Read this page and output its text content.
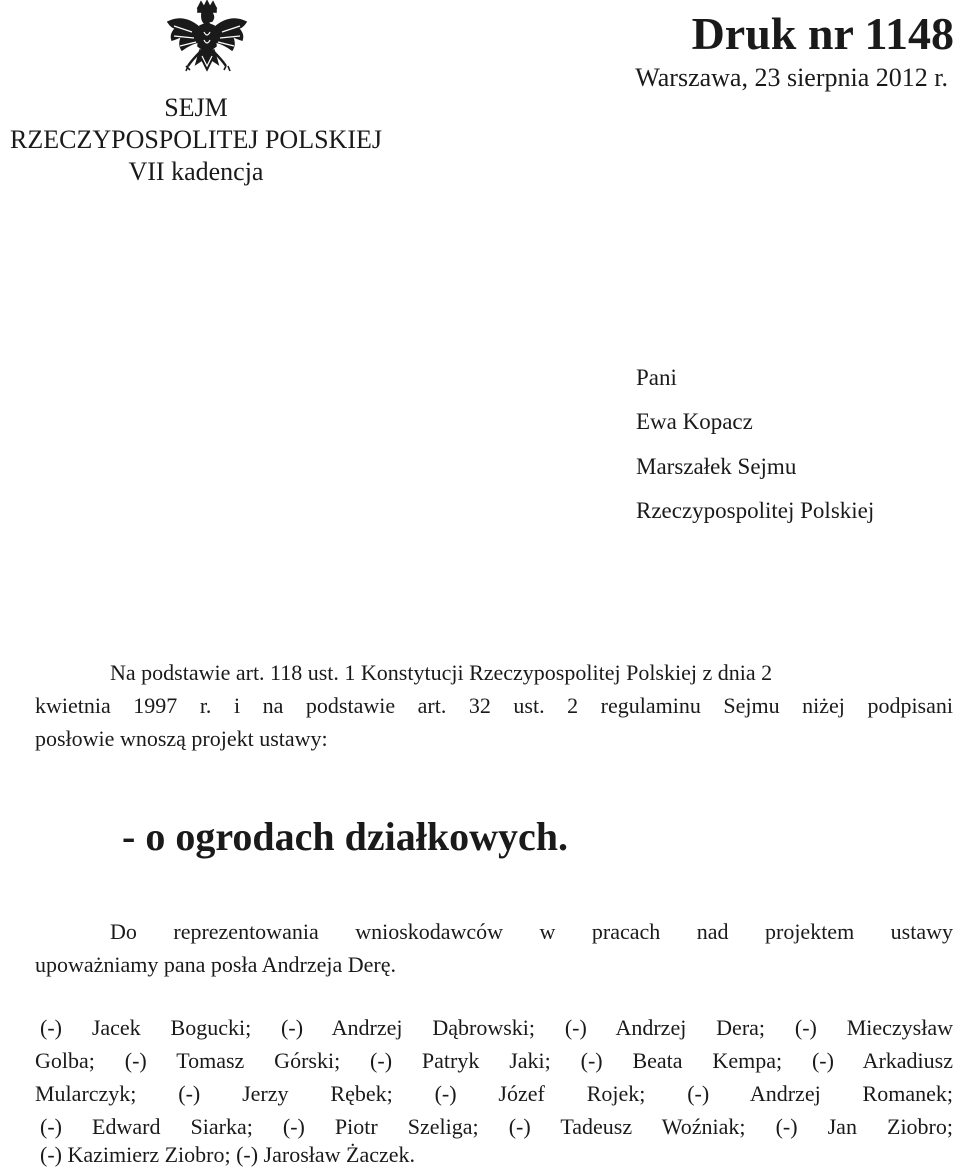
SEJM
RZECZYPOSPOLITEJ POLSKIEJ
VII kadencja
Druk nr 1148
Warszawa, 23 sierpnia 2012 r.
Pani
Ewa Kopacz
Marszałek Sejmu
Rzeczypospolitej Polskiej
Na podstawie art. 118 ust. 1 Konstytucji Rzeczypospolitej Polskiej z dnia 2
kwietnia 1997 r. i na podstawie art. 32 ust. 2 regulaminu Sejmu niżej podpisani
posłowie wnoszą projekt ustawy:
- o ogrodach działkowych.
Do reprezentowania wnioskodawców w pracach nad projektem ustawy
upoważniamy pana posła Andrzeja Derę.
(-) Jacek Bogucki; (-) Andrzej Dąbrowski; (-) Andrzej Dera; (-) Mieczysław
Golba; (-) Tomasz Górski; (-) Patryk Jaki; (-) Beata Kempa; (-) Arkadiusz
Mularczyk; (-) Jerzy Rębek; (-) Józef Rojek; (-) Andrzej Romanek;
(-) Edward Siarka; (-) Piotr Szeliga; (-) Tadeusz Woźniak; (-) Jan Ziobro;
(-) Kazimierz Ziobro; (-) Jarosław Żaczek.
